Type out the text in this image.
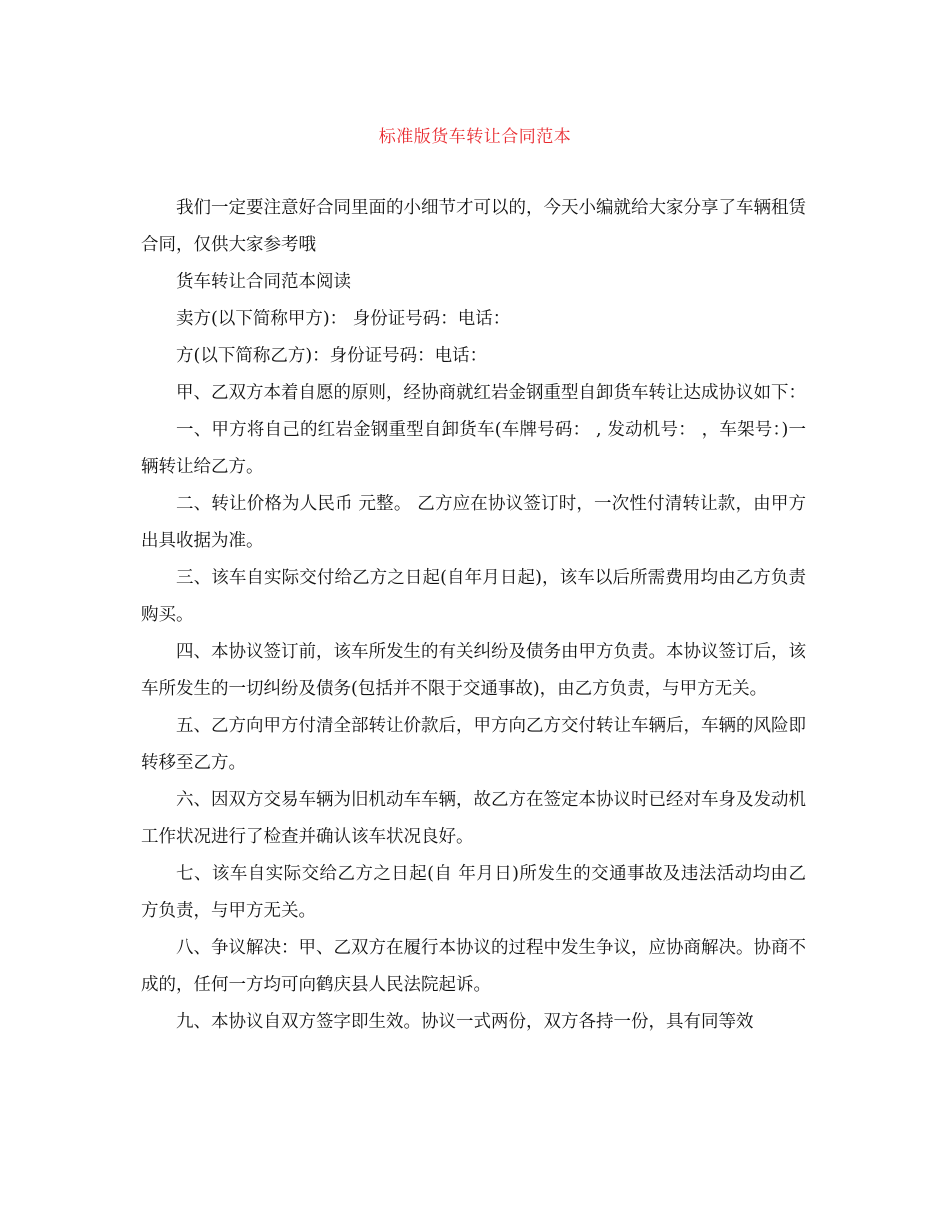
标准版货车转让合同范本

我们一定要注意好合同里面的小细节才可以的，今天小编就给大家分享了车辆租赁合同，仅供大家参考哦

货车转让合同范本阅读

卖方(以下简称甲方)： 身份证号码：电话：

方(以下简称乙方)：身份证号码：电话：

甲、乙双方本着自愿的原则，经协商就红岩金钢重型自卸货车转让达成协议如下：

一、甲方将自己的红岩金钢重型自卸货车(车牌号码： , 发动机号： ，车架号：)一辆转让给乙方。

二、转让价格为人民币 元整。 乙方应在协议签订时，一次性付清转让款，由甲方出具收据为准。

三、该车自实际交付给乙方之日起(自年月日起)，该车以后所需费用均由乙方负责购买。

四、本协议签订前，该车所发生的有关纠纷及债务由甲方负责。本协议签订后，该车所发生的一切纠纷及债务(包括并不限于交通事故)，由乙方负责，与甲方无关。

五、乙方向甲方付清全部转让价款后，甲方向乙方交付转让车辆后，车辆的风险即转移至乙方。

六、因双方交易车辆为旧机动车车辆，故乙方在签定本协议时已经对车身及发动机工作状况进行了检查并确认该车状况良好。

七、该车自实际交给乙方之日起(自 年月日)所发生的交通事故及违法活动均由乙方负责，与甲方无关。

八、争议解决：甲、乙双方在履行本协议的过程中发生争议，应协商解决。协商不成的，任何一方均可向鹤庆县人民法院起诉。

九、本协议自双方签字即生效。协议一式两份，双方各持一份，具有同等效
